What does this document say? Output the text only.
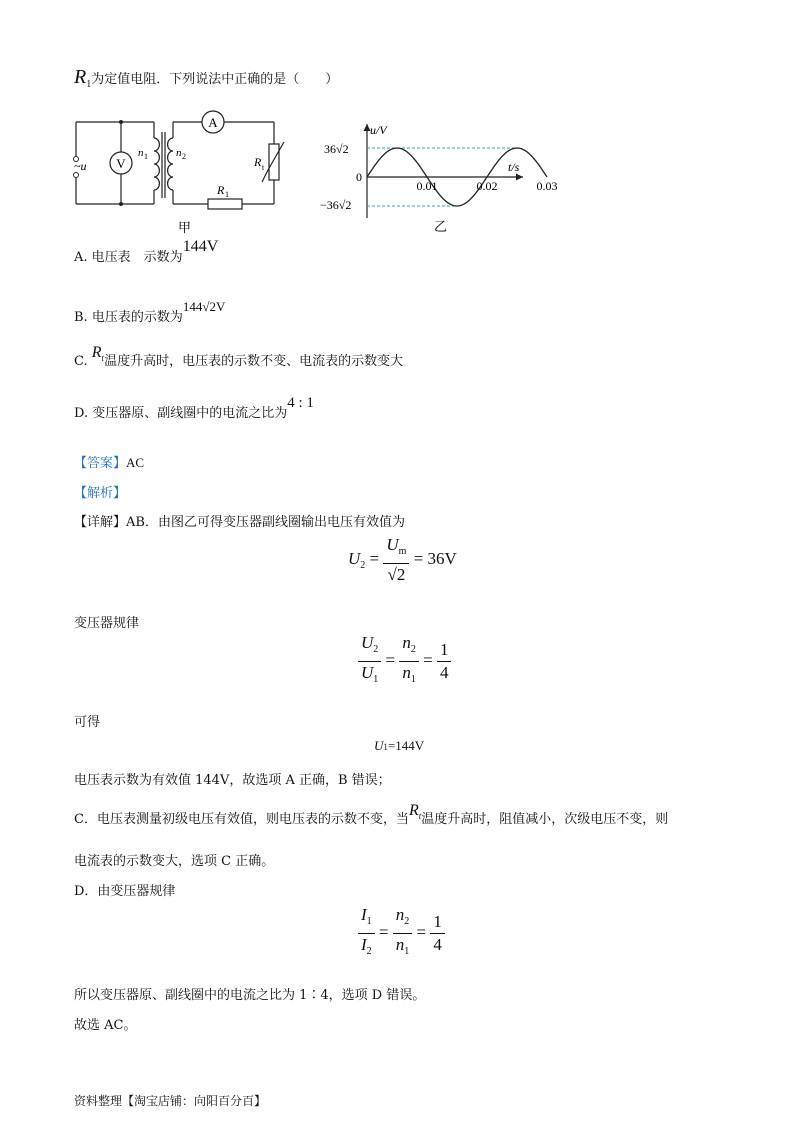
$R_1$为定值电阻．下列说法中正确的是（　　）
V
A
~u
n 1	n 2	R t
R 1
甲
u/V
t/s
0
36√2
−36√2
0.01	0.02	0.03
乙
A. 电压表　示数为144V
B. 电压表的示数为144√2V
C. $R^t$温度升高时，电压表的示数不变、电流表的示数变大
D. 变压器原、副线圈中的电流之比为4 : 1
【答案】AC
【解析】
【详解】AB．由图乙可得变压器副线圈输出电压有效值为
$U_2 = \frac{U_m}{√2} = 36V$
变压器规律
$\frac{U_2}{U_1} = \frac{n_2}{n_1} = \frac{1}{4}$
可得
U1=144V
电压表示数为有效值 144V，故选项 A 正确，B 错误；
C．电压表测量初级电压有效值，则电压表的示数不变，当$R^t$温度升高时，阻值减小，次级电压不变，则
电流表的示数变大，选项 C 正确。
D．由变压器规律
$\frac{I_1}{I_2} = \frac{n_2}{n_1} = \frac{1}{4}$
所以变压器原、副线圈中的电流之比为 1∶4，选项 D 错误。
故选 AC。
资料整理【淘宝店铺：向阳百分百】
